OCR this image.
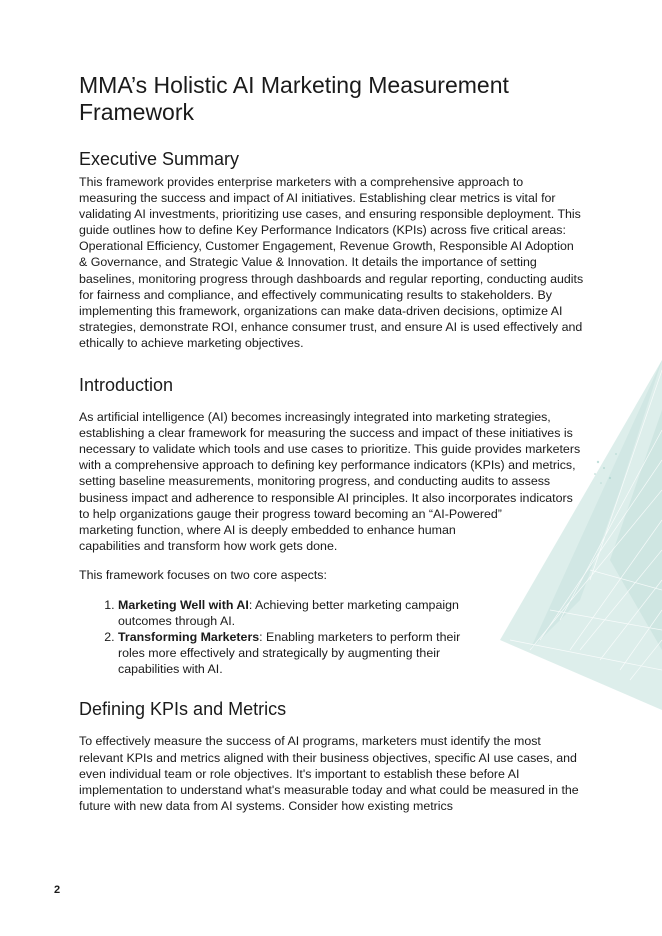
MMA’s Holistic AI Marketing Measurement Framework
Executive Summary

This framework provides enterprise marketers with a comprehensive approach to measuring the success and impact of AI initiatives. Establishing clear metrics is vital for validating AI investments, prioritizing use cases, and ensuring responsible deployment. This guide outlines how to define Key Performance Indicators (KPIs) across five critical areas: Operational Efficiency, Customer Engagement, Revenue Growth, Responsible AI Adoption & Governance, and Strategic Value & Innovation. It details the importance of setting baselines, monitoring progress through dashboards and regular reporting, conducting audits for fairness and compliance, and effectively communicating results to stakeholders. By implementing this framework, organizations can make data-driven decisions, optimize AI strategies, demonstrate ROI, enhance consumer trust, and ensure AI is used effectively and ethically to achieve marketing objectives.

Introduction

As artificial intelligence (AI) becomes increasingly integrated into marketing strategies, establishing a clear framework for measuring the success and impact of these initiatives is necessary to validate which tools and use cases to prioritize. This guide provides marketers with a comprehensive approach to defining key performance indicators (KPIs) and metrics, setting baseline measurements, monitoring progress, and conducting audits to assess business impact and adherence to responsible AI principles. It also incorporates indicators to help organizations gauge their progress toward becoming an “AI-Powered”
marketing function, where AI is deeply embedded to enhance human
capabilities and transform how work gets done.

This framework focuses on two core aspects:

1. Marketing Well with AI: Achieving better marketing campaign outcomes through AI.
2. Transforming Marketers: Enabling marketers to perform their roles more effectively and strategically by augmenting their capabilities with AI.
Defining KPIs and Metrics

To effectively measure the success of AI programs, marketers must identify the most relevant KPIs and metrics aligned with their business objectives, specific AI use cases, and even individual team or role objectives. It's important to establish these before AI implementation to understand what's measurable today and what could be measured in the future with new data from AI systems. Consider how existing metrics

2
